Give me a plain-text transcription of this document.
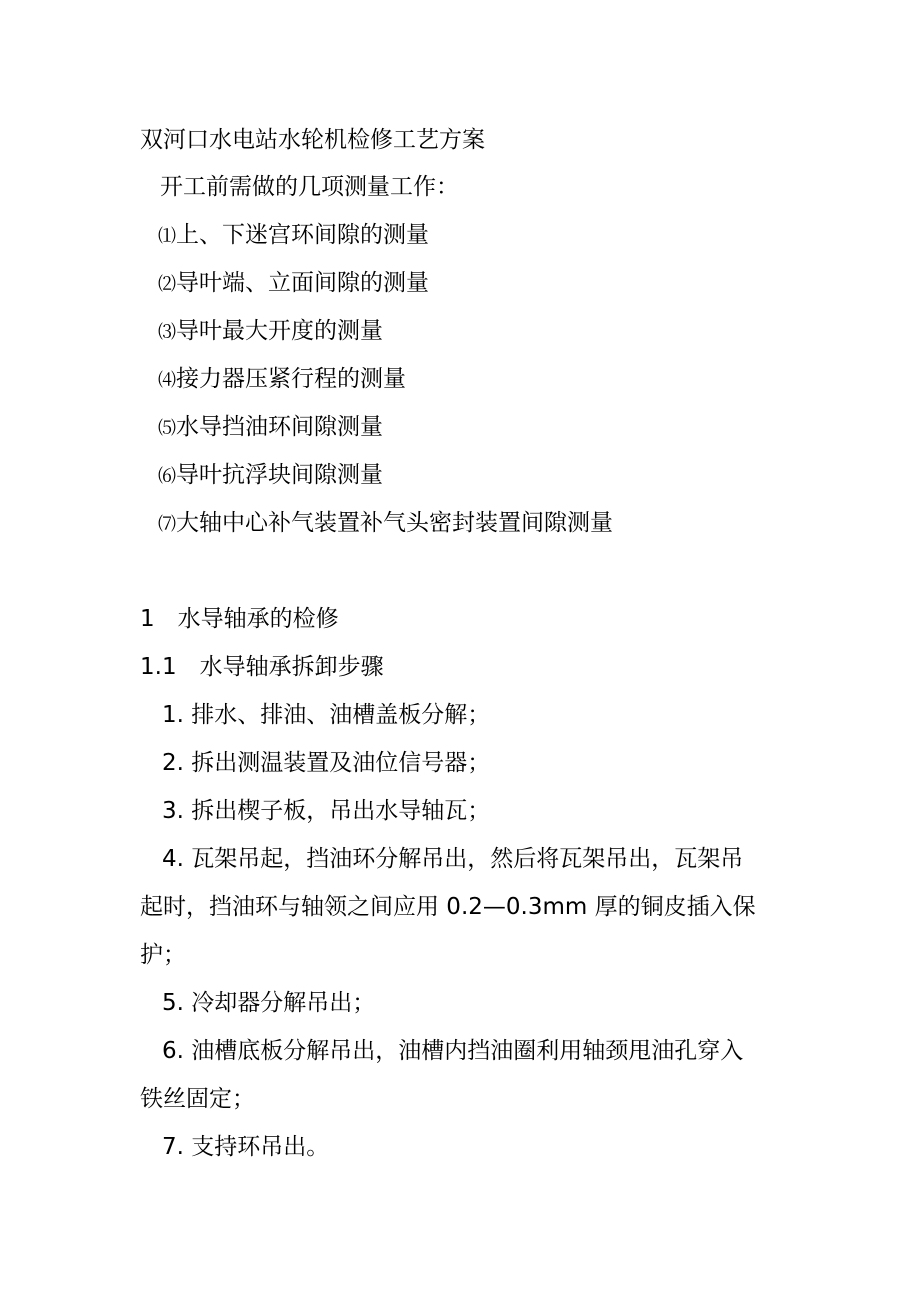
双河口水电站水轮机检修工艺方案
开工前需做的几项测量工作：
⑴上、下迷宫环间隙的测量
⑵导叶端、立面间隙的测量
⑶导叶最大开度的测量
⑷接力器压紧行程的测量
⑸水导挡油环间隙测量
⑹导叶抗浮块间隙测量
⑺大轴中心补气装置补气头密封装置间隙测量
1　水导轴承的检修
1.1　水导轴承拆卸步骤
1. 排水、排油、油槽盖板分解；
2. 拆出测温装置及油位信号器；
3. 拆出楔子板，吊出水导轴瓦；
4. 瓦架吊起，挡油环分解吊出，然后将瓦架吊出，瓦架吊
起时，挡油环与轴领之间应用 0.2—0.3mm 厚的铜皮插入保
护；
5. 冷却器分解吊出；
6. 油槽底板分解吊出，油槽内挡油圈利用轴颈甩油孔穿入
铁丝固定；
7. 支持环吊出。
